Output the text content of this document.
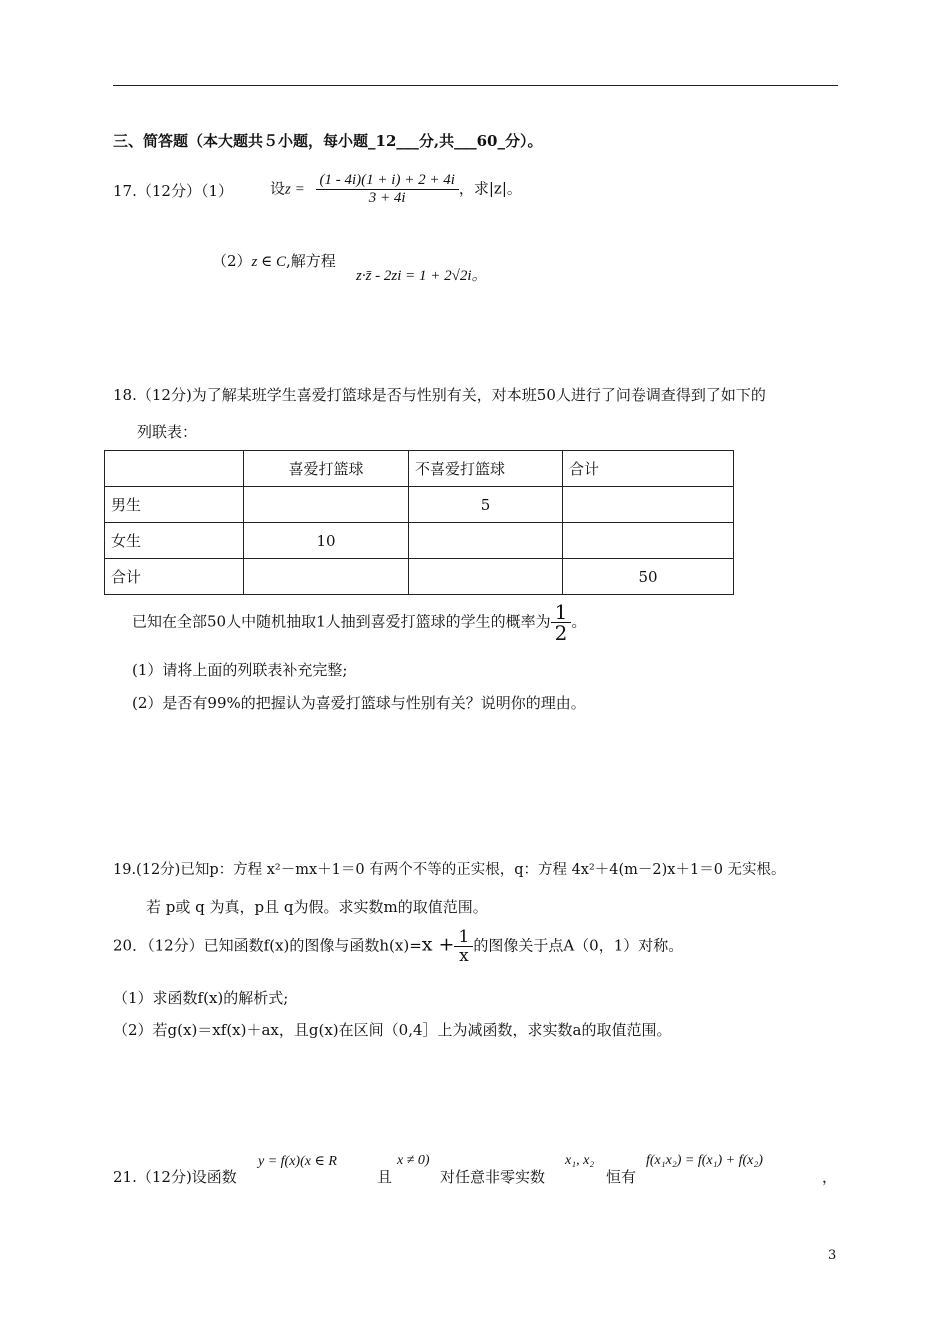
三、简答题（本大题共５小题，每小题_12___分,共___60_分）。
17.（12分）（1） 设$z = \frac{(1 - 4i)(1 + i) + 2 + 4i}{3 + 4i}$ ，求|z|。
（2）z ∈ C,解方程
z·z̄ - 2zi = 1 + 2√2i。
18.（12分)为了解某班学生喜爱打篮球是否与性别有关，对本班50人进行了问卷调查得到了如下的
列联表：
	喜爱打篮球	不喜爱打篮球	合计
男生		5	
女生	10		
合计			50
已知在全部50人中随机抽取1人抽到喜爱打篮球的学生的概率为 $\frac{1}{2}$ 。
(1）请将上面的列联表补充完整;
(2）是否有99%的把握认为喜爱打篮球与性别有关？说明你的理由。
19.(12分)已知p：方程 x²－mx＋1＝0 有两个不等的正实根，q：方程 4x²＋4(m－2)x＋1＝0 无实根。
若 p或 q 为真，p且 q为假。求实数m的取值范围。
20．（12分）已知函数f(x)的图像与函数$h(x)=x + \frac{1}{x}$ 的图像关于点A（0，1）对称。
（1）求函数f(x)的解析式;
（2）若g(x)＝xf(x)＋ax，且g(x)在区间（0,4］上为减函数，求实数a的取值范围。
21.（12分)设函数
y = f(x)(x ∈ R
且
x ≠ 0)
对任意非零实数
x₁, x₂
恒有
f(x₁x₂) = f(x₁) + f(x₂)
，
3
